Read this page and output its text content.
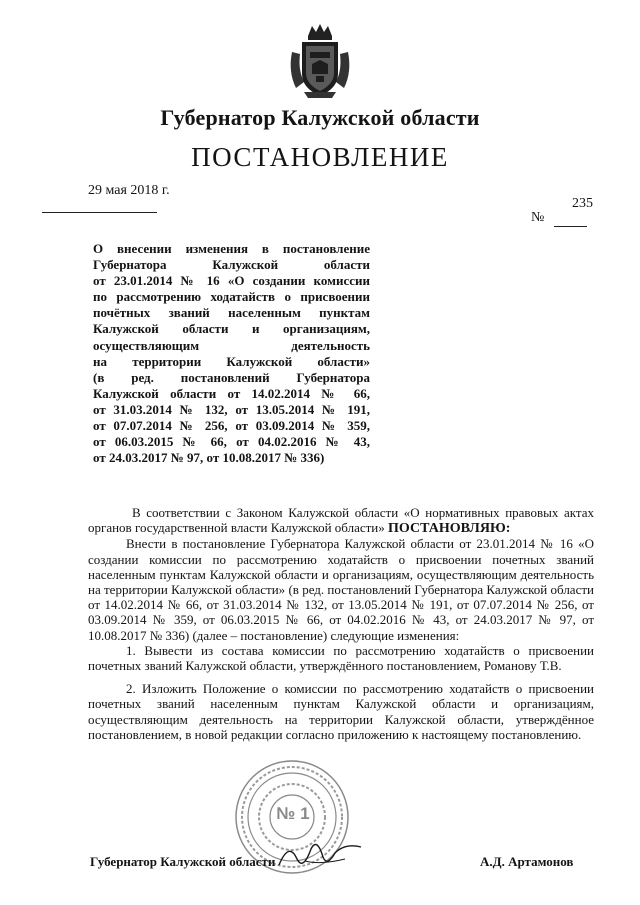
Губернатор Калужской области
ПОСТАНОВЛЕНИЕ
29 мая 2018 г.
235
№
О внесении изменения в постановление
Губернатора Калужской области
от 23.01.2014 № 16 «О создании комиссии
по рассмотрению ходатайств о присвоении
почётных званий населенным пунктам
Калужской области и организациям,
осуществляющим деятельность
на территории Калужской области»
(в ред. постановлений Губернатора
Калужской области от 14.02.2014 № 66,
от 31.03.2014 № 132, от 13.05.2014 № 191,
от 07.07.2014 № 256, от 03.09.2014 № 359,
от 06.03.2015 № 66, от 04.02.2016 № 43,
от 24.03.2017 № 97, от 10.08.2017 № 336)

В соответствии с Законом Калужской области «О нормативных правовых актах органов государственной власти Калужской области» ПОСТАНОВЛЯЮ:

Внести в постановление Губернатора Калужской области от 23.01.2014 № 16 «О создании комиссии по рассмотрению ходатайств о присвоении почетных званий населенным пунктам Калужской области и организациям, осуществляющим деятельность на территории Калужской области» (в ред. постановлений Губернатора Калужской области от 14.02.2014 № 66, от 31.03.2014 № 132, от 13.05.2014 № 191, от 07.07.2014 № 256, от 03.09.2014 № 359, от 06.03.2015 № 66, от 04.02.2016 № 43, от 24.03.2017 № 97, от 10.08.2017 № 336) (далее – постановление) следующие изменения:

1. Вывести из состава комиссии по рассмотрению ходатайств о присвоении почетных званий Калужской области, утверждённого постановлением, Романову Т.В.

2. Изложить Положение о комиссии по рассмотрению ходатайств о присвоении почетных званий населенным пунктам Калужской области и организациям, осуществляющим деятельность на территории Калужской области, утверждённое постановлением, в новой редакции согласно приложению к настоящему постановлению.

№ 1
Губернатор Калужской области	А.Д. Артамонов
